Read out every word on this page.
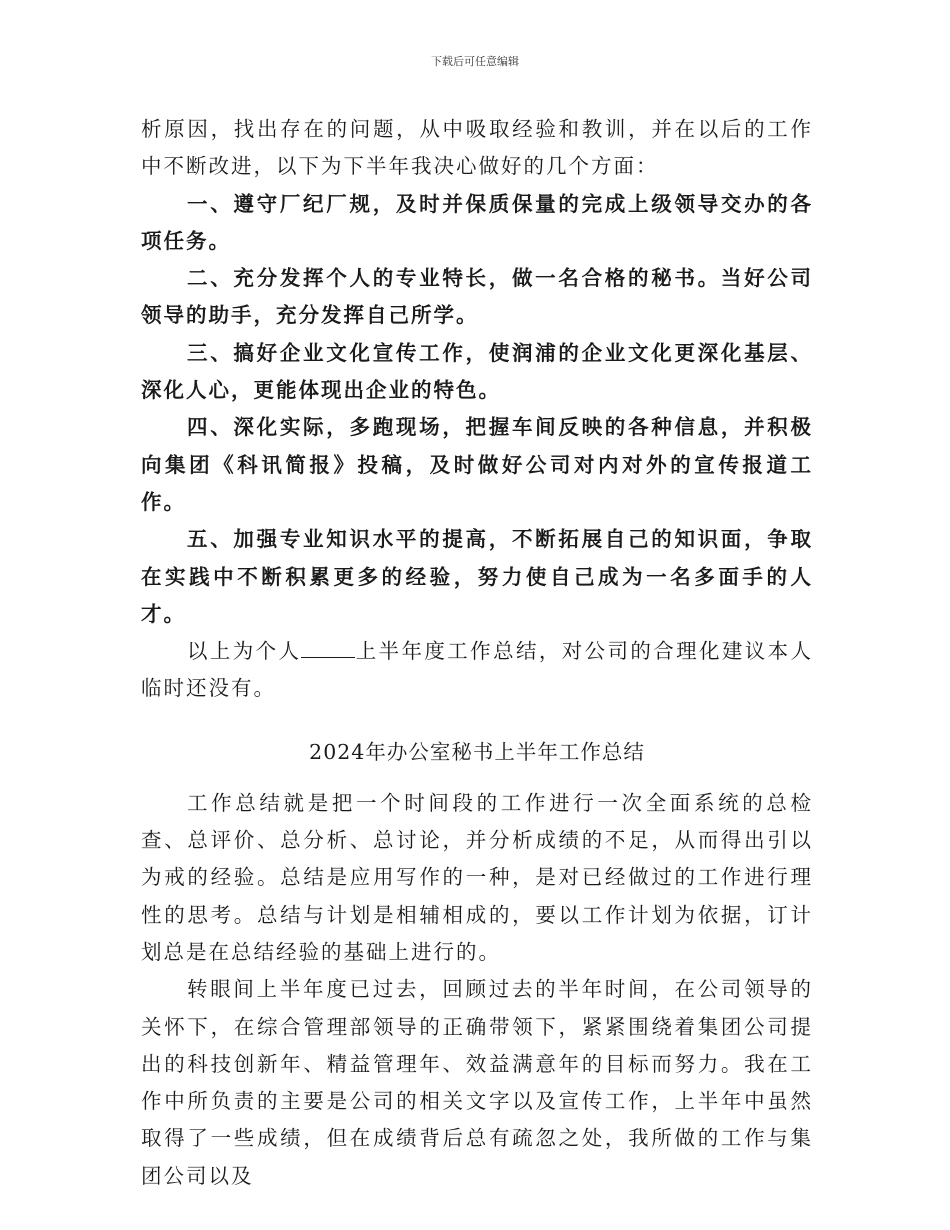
下载后可任意编辑

析原因，找出存在的问题，从中吸取经验和教训，并在以后的工作中不断改进，以下为下半年我决心做好的几个方面：

一、遵守厂纪厂规，及时并保质保量的完成上级领导交办的各项任务。

二、充分发挥个人的专业特长，做一名合格的秘书。当好公司领导的助手，充分发挥自己所学。

三、搞好企业文化宣传工作，使润浦的企业文化更深化基层、深化人心，更能体现出企业的特色。

四、深化实际，多跑现场，把握车间反映的各种信息，并积极向集团《科讯简报》投稿，及时做好公司对内对外的宣传报道工作。

五、加强专业知识水平的提高，不断拓展自己的知识面，争取在实践中不断积累更多的经验，努力使自己成为一名多面手的人才。

以上为个人	上半年度工作总结，对公司的合理化建议本人临时还没有。

2024年办公室秘书上半年工作总结

工作总结就是把一个时间段的工作进行一次全面系统的总检查、总评价、总分析、总讨论，并分析成绩的不足，从而得出引以为戒的经验。总结是应用写作的一种，是对已经做过的工作进行理性的思考。总结与计划是相辅相成的，要以工作计划为依据，订计划总是在总结经验的基础上进行的。

转眼间上半年度已过去，回顾过去的半年时间，在公司领导的关怀下，在综合管理部领导的正确带领下，紧紧围绕着集团公司提出的科技创新年、精益管理年、效益满意年的目标而努力。我在工作中所负责的主要是公司的相关文字以及宣传工作，上半年中虽然取得了一些成绩，但在成绩背后总有疏忽之处，我所做的工作与集团公司以及
